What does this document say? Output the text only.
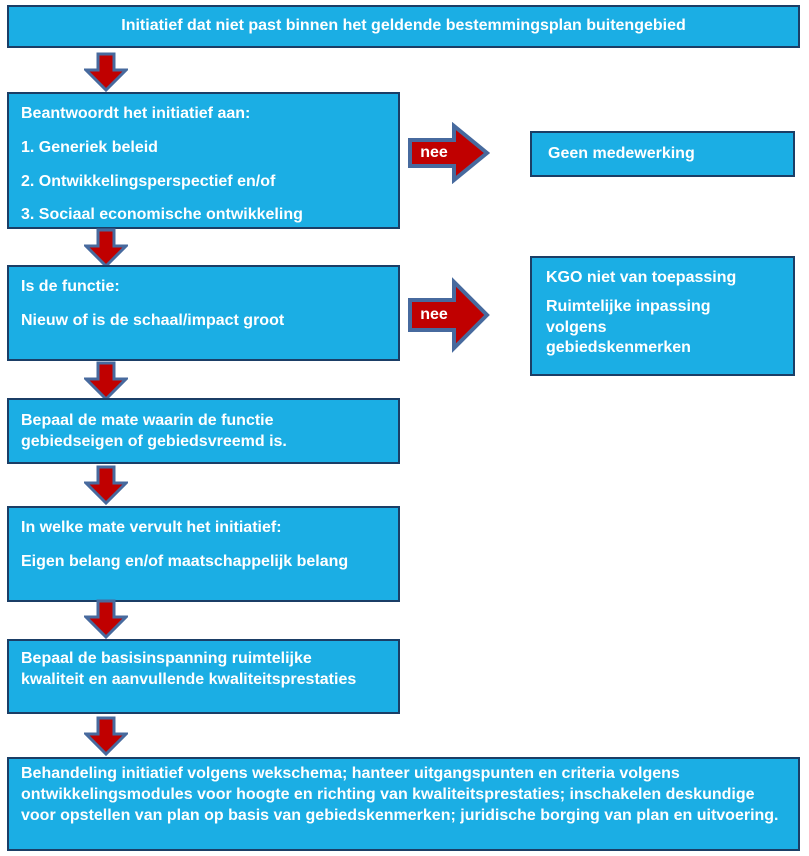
Initiatief dat niet past binnen het geldende bestemmingsplan buitengebied

Beantwoordt het initiatief aan:

1. Generiek beleid

2. Ontwikkelingsperspectief en/of

3. Sociaal economische ontwikkeling

nee	Geen medewerking

Is de functie:

Nieuw of is de schaal/impact groot	nee

KGO niet van toepassing

Ruimtelijke inpassing volgens gebiedskenmerken

Bepaal de mate waarin de functie gebiedseigen of gebiedsvreemd is.

In welke mate vervult het initiatief:

Eigen belang en/of maatschappelijk belang

Bepaal de basisinspanning ruimtelijke kwaliteit en aanvullende kwaliteitsprestaties

Behandeling initiatief volgens wekschema; hanteer uitgangspunten en criteria volgens ontwikkelingsmodules voor hoogte en richting van kwaliteitsprestaties; inschakelen deskundige voor opstellen van plan op basis van gebiedskenmerken; juridische borging van plan en uitvoering.
